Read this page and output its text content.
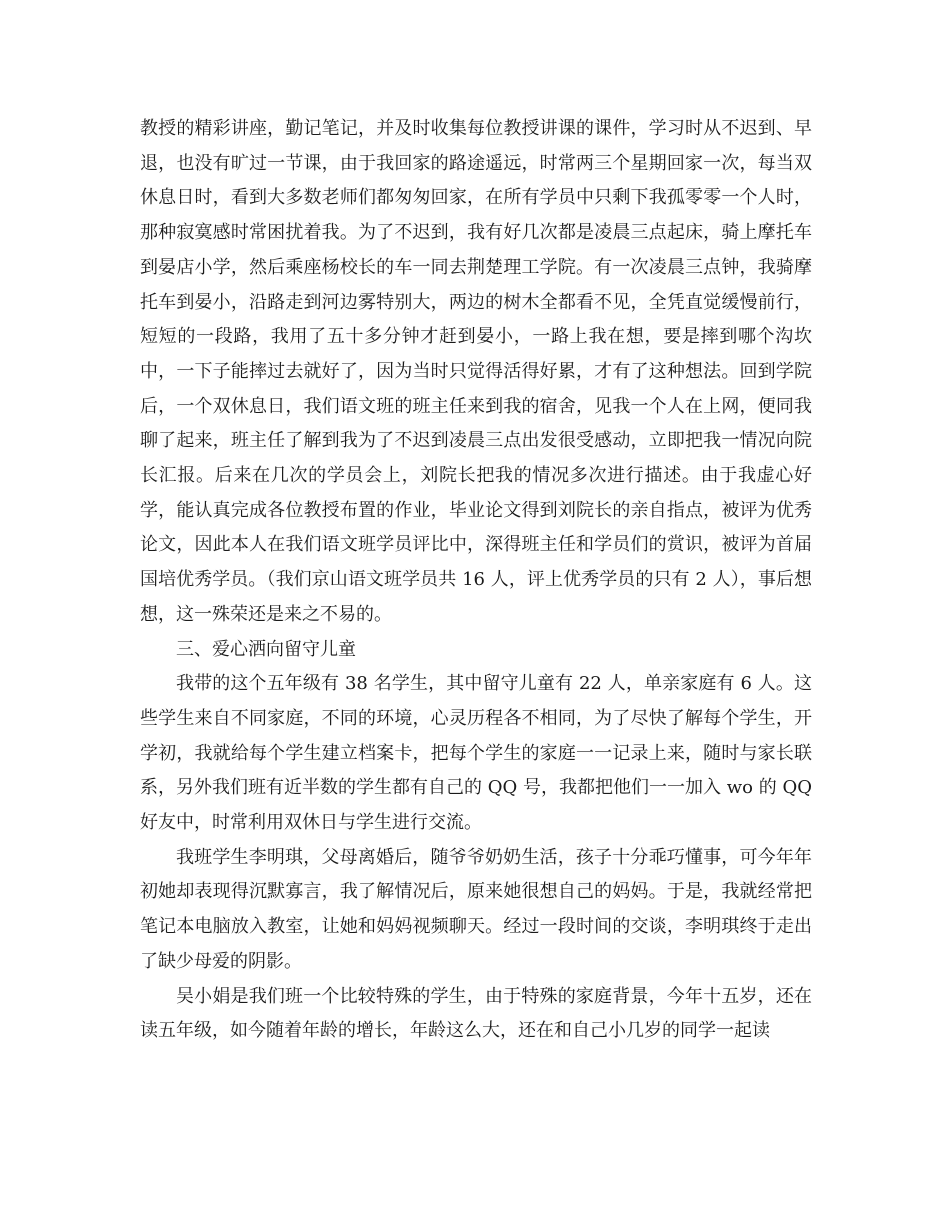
教授的精彩讲座，勤记笔记，并及时收集每位教授讲课的课件，学习时从不迟到、早退，也没有旷过一节课，由于我回家的路途遥远，时常两三个星期回家一次，每当双休息日时，看到大多数老师们都匆匆回家，在所有学员中只剩下我孤零零一个人时，那种寂寞感时常困扰着我。为了不迟到，我有好几次都是凌晨三点起床，骑上摩托车到晏店小学，然后乘座杨校长的车一同去荆楚理工学院。有一次凌晨三点钟，我骑摩托车到晏小，沿路走到河边雾特别大，两边的树木全都看不见，全凭直觉缓慢前行，短短的一段路，我用了五十多分钟才赶到晏小，一路上我在想，要是摔到哪个沟坎中，一下子能摔过去就好了，因为当时只觉得活得好累，才有了这种想法。回到学院后，一个双休息日，我们语文班的班主任来到我的宿舍，见我一个人在上网，便同我聊了起来，班主任了解到我为了不迟到凌晨三点出发很受感动，立即把我一情况向院长汇报。后来在几次的学员会上，刘院长把我的情况多次进行描述。由于我虚心好学，能认真完成各位教授布置的作业，毕业论文得到刘院长的亲自指点，被评为优秀论文，因此本人在我们语文班学员评比中，深得班主任和学员们的赏识，被评为首届国培优秀学员。（我们京山语文班学员共 16 人，评上优秀学员的只有 2 人），事后想想，这一殊荣还是来之不易的。

三、爱心洒向留守儿童

我带的这个五年级有 38 名学生，其中留守儿童有 22 人，单亲家庭有 6 人。这些学生来自不同家庭，不同的环境，心灵历程各不相同，为了尽快了解每个学生，开学初，我就给每个学生建立档案卡，把每个学生的家庭一一记录上来，随时与家长联系，另外我们班有近半数的学生都有自己的 QQ 号，我都把他们一一加入 wo 的 QQ 好友中，时常利用双休日与学生进行交流。

我班学生李明琪，父母离婚后，随爷爷奶奶生活，孩子十分乖巧懂事，可今年年初她却表现得沉默寡言，我了解情况后，原来她很想自己的妈妈。于是，我就经常把笔记本电脑放入教室，让她和妈妈视频聊天。经过一段时间的交谈，李明琪终于走出了缺少母爱的阴影。

吴小娟是我们班一个比较特殊的学生，由于特殊的家庭背景，今年十五岁，还在读五年级，如今随着年龄的增长，年龄这么大，还在和自己小几岁的同学一起读
